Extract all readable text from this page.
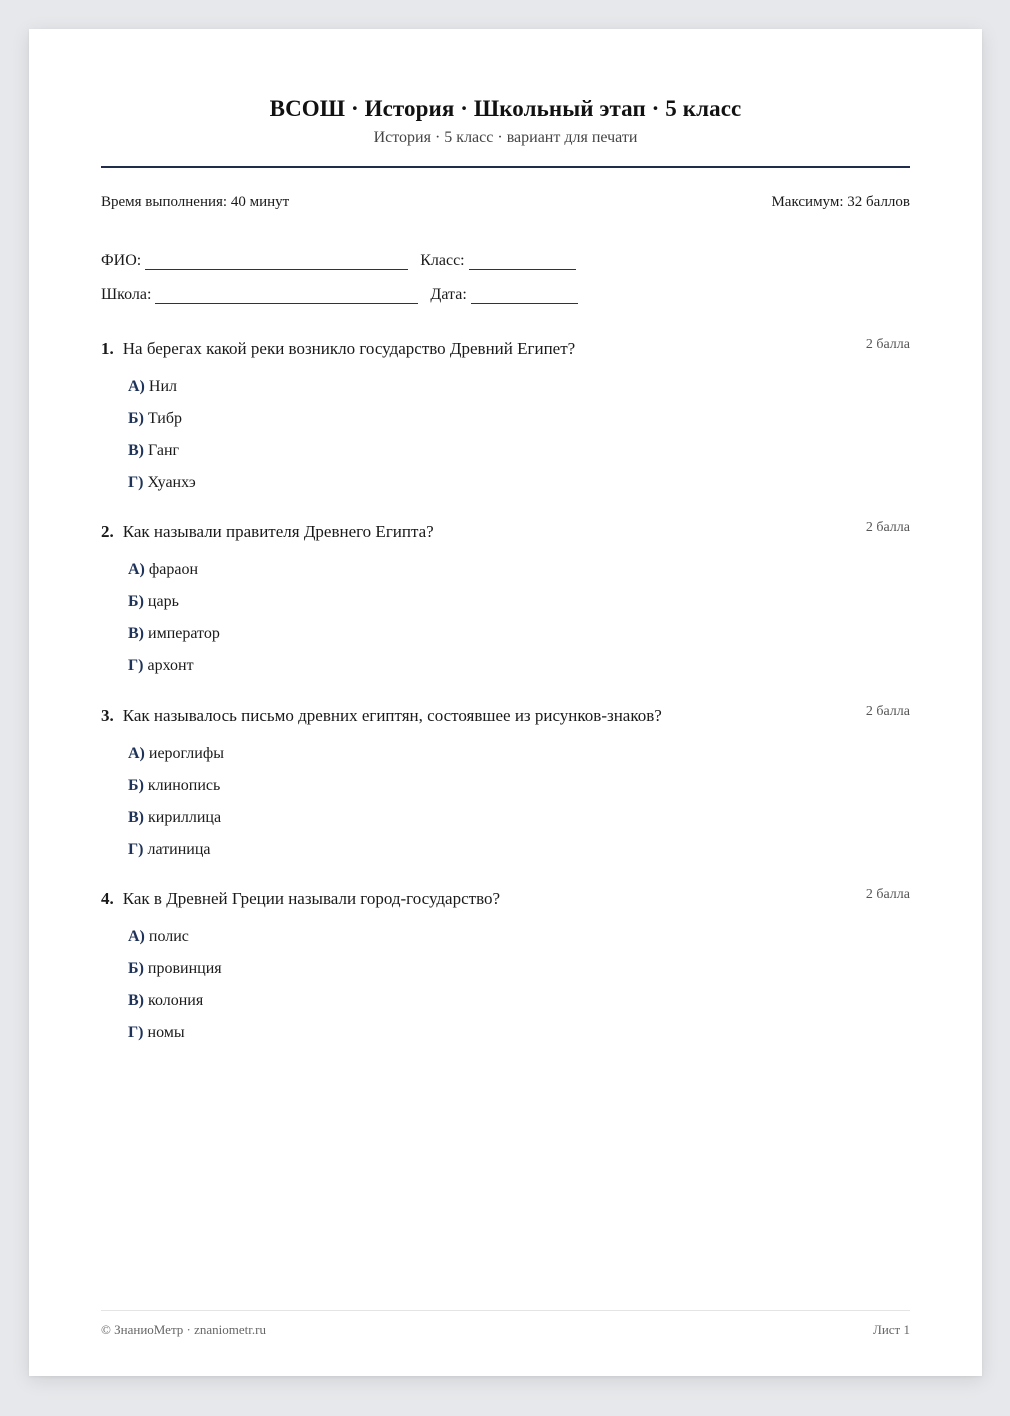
ВСОШ · История · Школьный этап · 5 класс
История · 5 класс · вариант для печати
Время выполнения: 40 минут	Максимум: 32 баллов
ФИО:	Класс:
Школа:	Дата:
1. На берегах какой реки возникло государство Древний Египет?	2 балла
А) Нил
Б) Тибр
В) Ганг
Г) Хуанхэ
2. Как называли правителя Древнего Египта?	2 балла
А) фараон
Б) царь
В) император
Г) архонт
3. Как называлось письмо древних египтян, состоявшее из рисунков-знаков?	2 балла
А) иероглифы
Б) клинопись
В) кириллица
Г) латиница
4. Как в Древней Греции называли город-государство?	2 балла
А) полис
Б) провинция
В) колония
Г) номы
© ЗнаниоМетр · znaniometr.ru	Лист 1
